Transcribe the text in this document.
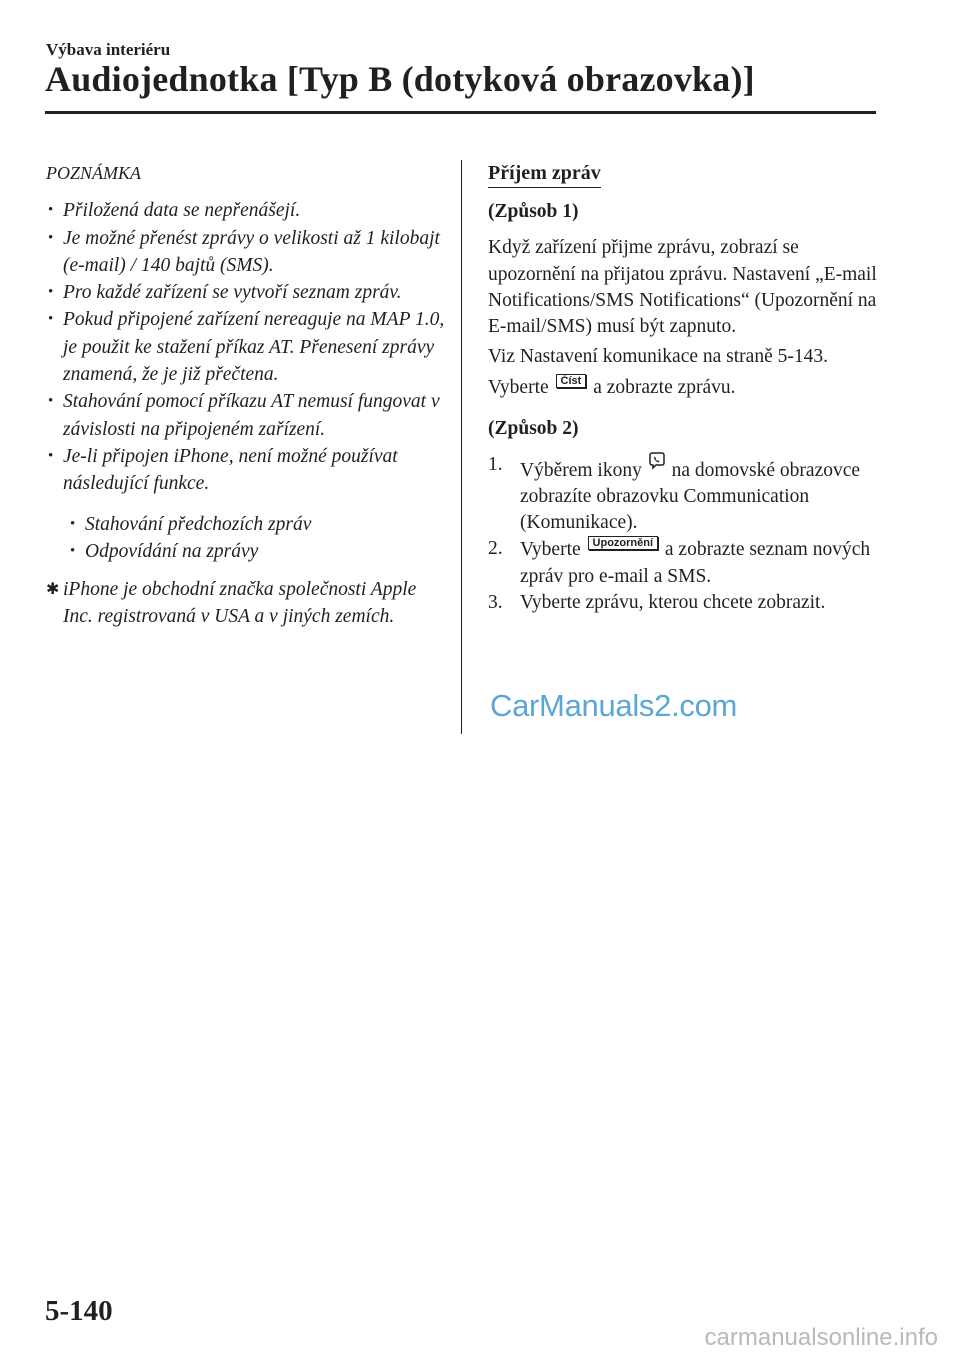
Výbava interiéru
Audiojednotka [Typ B (dotyková obrazovka)]
POZNÁMKA
• Přiložená data se nepřenášejí.
• Je možné přenést zprávy o velikosti až 1 kilobajt (e-mail) / 140 bajtů (SMS).
• Pro každé zařízení se vytvoří seznam zpráv.
• Pokud připojené zařízení nereaguje na MAP 1.0, je použit ke stažení příkaz AT. Přenesení zprávy znamená, že je již přečtena.
• Stahování pomocí příkazu AT nemusí fungovat v závislosti na připojeném zařízení.
• Je-li připojen iPhone, není možné používat následující funkce.
• Stahování předchozích zpráv
• Odpovídání na zprávy
✱ iPhone je obchodní značka společnosti Apple Inc. registrovaná v USA a v jiných zemích.
Příjem zpráv
(Způsob 1)
Když zařízení přijme zprávu, zobrazí se upozornění na přijatou zprávu. Nastavení „E-mail Notifications/SMS Notifications“ (Upozornění na E-mail/SMS) musí být zapnuto.
Viz Nastavení komunikace na straně 5-143.
Vyberte Číst a zobrazte zprávu.
(Způsob 2)
1. Výběrem ikony na domovské obrazovce zobrazíte obrazovku Communication (Komunikace).
2. Vyberte Upozornění a zobrazte seznam nových zpráv pro e-mail a SMS.
3. Vyberte zprávu, kterou chcete zobrazit.
CarManuals2.com
5-140
carmanualsonline.info
